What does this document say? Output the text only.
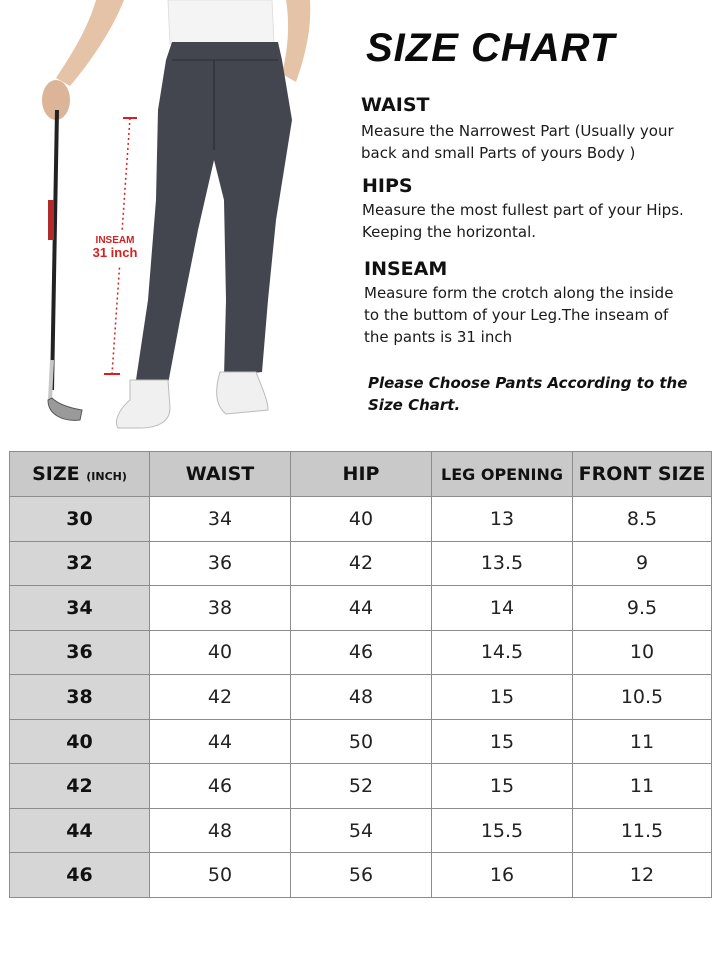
INSEAM
31 inch
SIZE CHART
WAIST
Measure the Narrowest Part (Usually your
back and small Parts of yours Body )
HIPS
Measure the most fullest part of your Hips.
Keeping the horizontal.
INSEAM
Measure form the crotch along the inside
to the buttom of your Leg.The inseam of
the pants is 31 inch
Please Choose Pants According to the
Size Chart.
SIZE (INCH)	WAIST	HIP	LEG OPENING	FRONT SIZE
30	34	40	13	8.5
32	36	42	13.5	9
34	38	44	14	9.5
36	40	46	14.5	10
38	42	48	15	10.5
40	44	50	15	11
42	46	52	15	11
44	48	54	15.5	11.5
46	50	56	16	12
